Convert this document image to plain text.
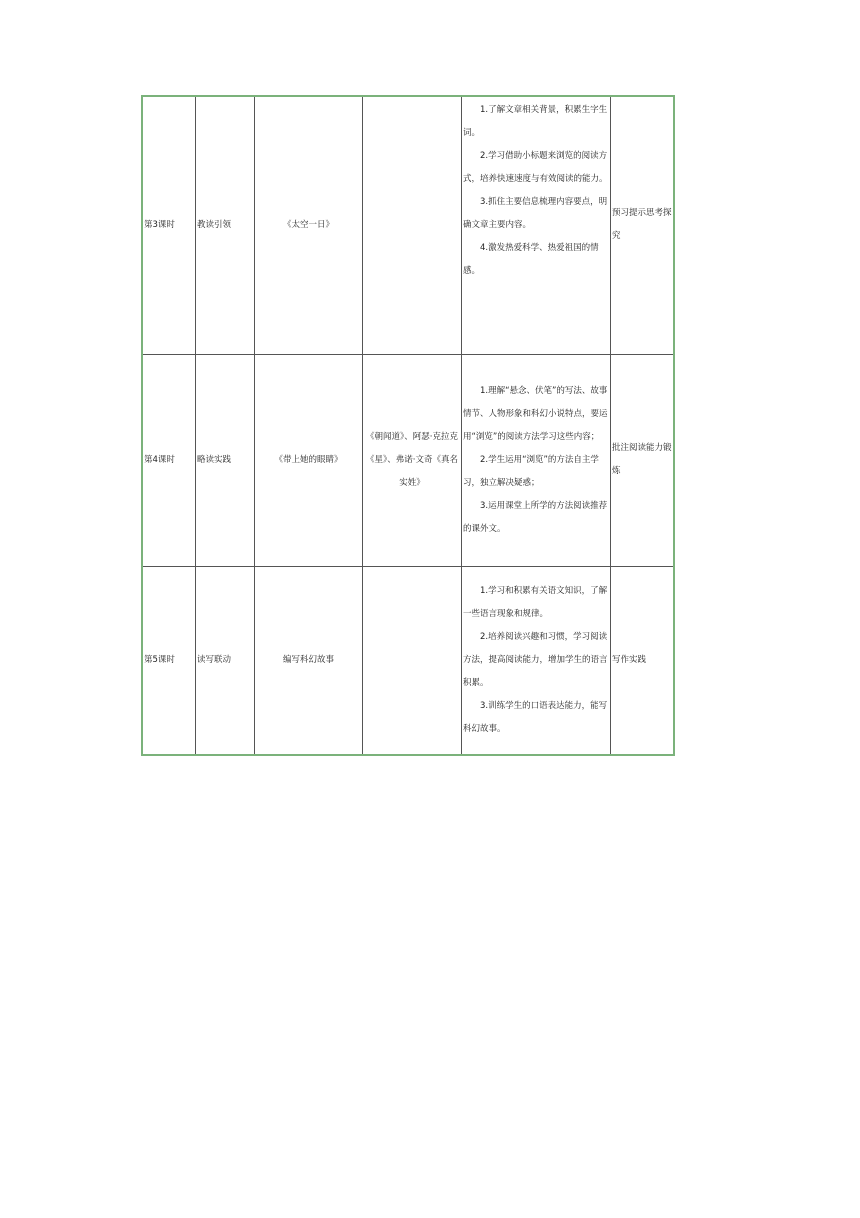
第3课时	教读引领	《太空一日》		1.了解文章相关背景，积累生字生词。
2.学习借助小标题来浏览的阅读方式，培养快速速度与有效阅读的能力。
3.抓住主要信息梳理内容要点，明确文章主要内容。
4.激发热爱科学、热爱祖国的情感。	预习提示思考探究
第4课时	略读实践	《带上她的眼睛》	《朝闻道》、阿瑟·克拉克《星》、弗诺·文奇《真名实姓》	1.理解“悬念、伏笔”的写法、故事情节、人物形象和科幻小说特点，要运用“浏览”的阅读方法学习这些内容；
2.学生运用“浏览”的方法自主学习，独立解决疑惑；
3.运用课堂上所学的方法阅读推荐的课外文。	批注阅读能力锻炼
第5课时	读写联动	编写科幻故事		1.学习和积累有关语文知识，了解一些语言现象和规律。
2.培养阅读兴趣和习惯，学习阅读方法，提高阅读能力，增加学生的语言积累。
3.训练学生的口语表达能力，能写科幻故事。	写作实践
